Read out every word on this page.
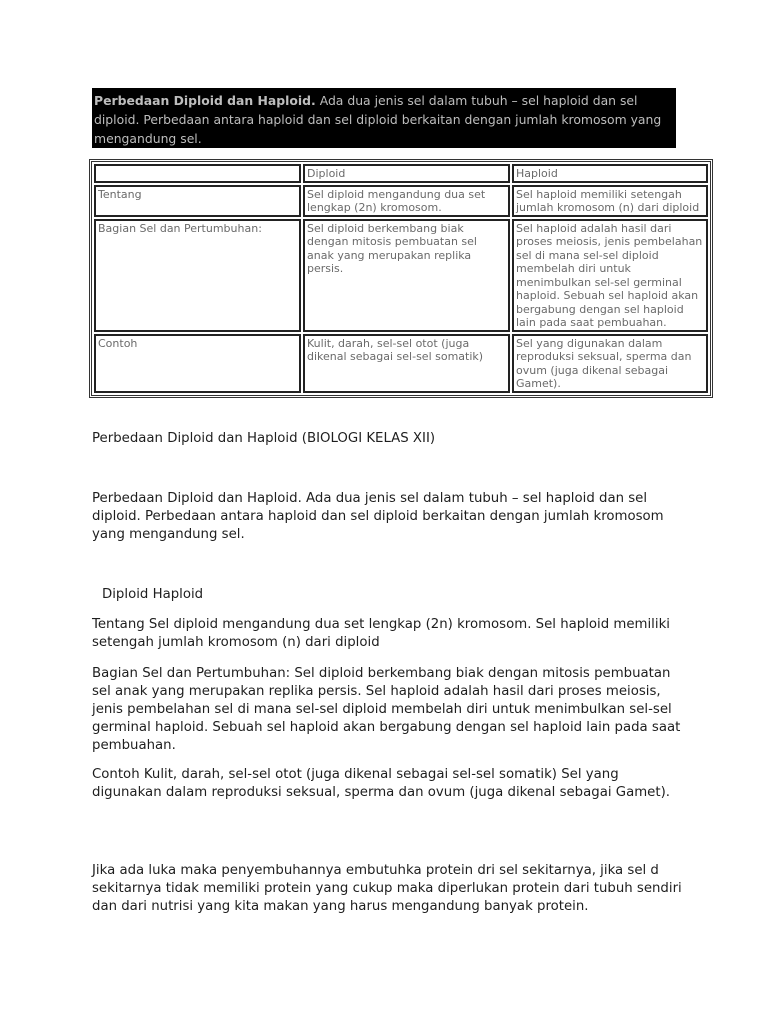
Perbedaan Diploid dan Haploid. Ada dua jenis sel dalam tubuh – sel haploid dan sel diploid. Perbedaan antara haploid dan sel diploid berkaitan dengan jumlah kromosom yang mengandung sel.
	Diploid	Haploid
Tentang	Sel diploid mengandung dua set lengkap (2n) kromosom.	Sel haploid memiliki setengah jumlah kromosom (n) dari diploid
Bagian Sel dan Pertumbuhan:	Sel diploid berkembang biak dengan mitosis pembuatan sel anak yang merupakan replika persis.	Sel haploid adalah hasil dari proses meiosis, jenis pembelahan sel di mana sel-sel diploid membelah diri untuk menimbulkan sel-sel germinal haploid. Sebuah sel haploid akan bergabung dengan sel haploid lain pada saat pembuahan.
Contoh	Kulit, darah, sel-sel otot (juga dikenal sebagai sel-sel somatik)	Sel yang digunakan dalam reproduksi seksual, sperma dan ovum (juga dikenal sebagai Gamet).

Perbedaan Diploid dan Haploid (BIOLOGI KELAS XII)

Perbedaan Diploid dan Haploid. Ada dua jenis sel dalam tubuh – sel haploid dan sel diploid. Perbedaan antara haploid dan sel diploid berkaitan dengan jumlah kromosom yang mengandung sel.

Diploid Haploid

Tentang Sel diploid mengandung dua set lengkap (2n) kromosom. Sel haploid memiliki setengah jumlah kromosom (n) dari diploid

Bagian Sel dan Pertumbuhan: Sel diploid berkembang biak dengan mitosis pembuatan sel anak yang merupakan replika persis. Sel haploid adalah hasil dari proses meiosis, jenis pembelahan sel di mana sel-sel diploid membelah diri untuk menimbulkan sel-sel germinal haploid. Sebuah sel haploid akan bergabung dengan sel haploid lain pada saat pembuahan.

Contoh Kulit, darah, sel-sel otot (juga dikenal sebagai sel-sel somatik) Sel yang digunakan dalam reproduksi seksual, sperma dan ovum (juga dikenal sebagai Gamet).

Jika ada luka maka penyembuhannya embutuhka protein dri sel sekitarnya, jika sel d sekitarnya tidak memiliki protein yang cukup maka diperlukan protein dari tubuh sendiri dan dari nutrisi yang kita makan yang harus mengandung banyak protein.
